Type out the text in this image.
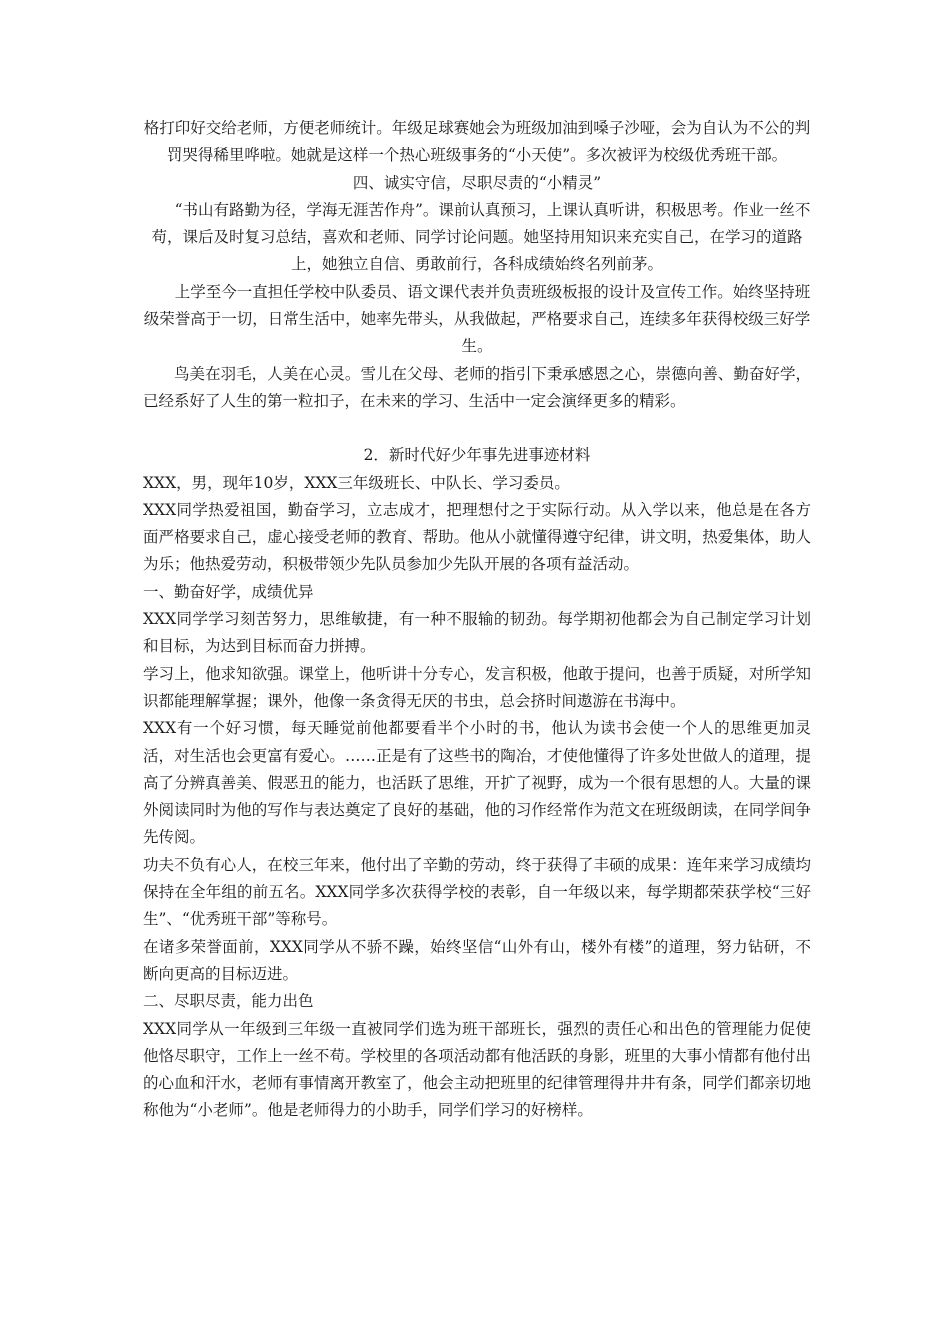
格打印好交给老师，方便老师统计。年级足球赛她会为班级加油到嗓子沙哑，会为自认为不公的判罚哭得稀里哗啦。她就是这样一个热心班级事务的“小天使”。多次被评为校级优秀班干部。

四、诚实守信，尽职尽责的“小精灵”

“书山有路勤为径，学海无涯苦作舟”。课前认真预习，上课认真听讲，积极思考。作业一丝不苟，课后及时复习总结，喜欢和老师、同学讨论问题。她坚持用知识来充实自己，在学习的道路上，她独立自信、勇敢前行，各科成绩始终名列前茅。

上学至今一直担任学校中队委员、语文课代表并负责班级板报的设计及宣传工作。始终坚持班级荣誉高于一切，日常生活中，她率先带头，从我做起，严格要求自己，连续多年获得校级三好学生。

鸟美在羽毛，人美在心灵。雪儿在父母、老师的指引下秉承感恩之心，崇德向善、勤奋好学，已经系好了人生的第一粒扣子，在未来的学习、生活中一定会演绎更多的精彩。

2．新时代好少年事先进事迹材料

XXX，男，现年10岁，XXX三年级班长、中队长、学习委员。

XXX同学热爱祖国，勤奋学习，立志成才，把理想付之于实际行动。从入学以来，他总是在各方面严格要求自己，虚心接受老师的教育、帮助。他从小就懂得遵守纪律，讲文明，热爱集体，助人为乐；他热爱劳动，积极带领少先队员参加少先队开展的各项有益活动。

一、勤奋好学，成绩优异

XXX同学学习刻苦努力，思维敏捷，有一种不服输的韧劲。每学期初他都会为自己制定学习计划和目标，为达到目标而奋力拼搏。

学习上，他求知欲强。课堂上，他听讲十分专心，发言积极，他敢于提问，也善于质疑，对所学知识都能理解掌握；课外，他像一条贪得无厌的书虫，总会挤时间遨游在书海中。

XXX有一个好习惯，每天睡觉前他都要看半个小时的书，他认为读书会使一个人的思维更加灵活，对生活也会更富有爱心。……正是有了这些书的陶冶，才使他懂得了许多处世做人的道理，提高了分辨真善美、假恶丑的能力，也活跃了思维，开扩了视野，成为一个很有思想的人。大量的课外阅读同时为他的写作与表达奠定了良好的基础，他的习作经常作为范文在班级朗读，在同学间争先传阅。

功夫不负有心人，在校三年来，他付出了辛勤的劳动，终于获得了丰硕的成果：连年来学习成绩均保持在全年组的前五名。XXX同学多次获得学校的表彰，自一年级以来，每学期都荣获学校“三好生”、“优秀班干部”等称号。

在诸多荣誉面前，XXX同学从不骄不躁，始终坚信“山外有山，楼外有楼”的道理，努力钻研，不断向更高的目标迈进。

二、尽职尽责，能力出色

XXX同学从一年级到三年级一直被同学们选为班干部班长，强烈的责任心和出色的管理能力促使他恪尽职守，工作上一丝不苟。学校里的各项活动都有他活跃的身影，班里的大事小情都有他付出的心血和汗水，老师有事情离开教室了，他会主动把班里的纪律管理得井井有条，同学们都亲切地称他为“小老师”。他是老师得力的小助手，同学们学习的好榜样。
